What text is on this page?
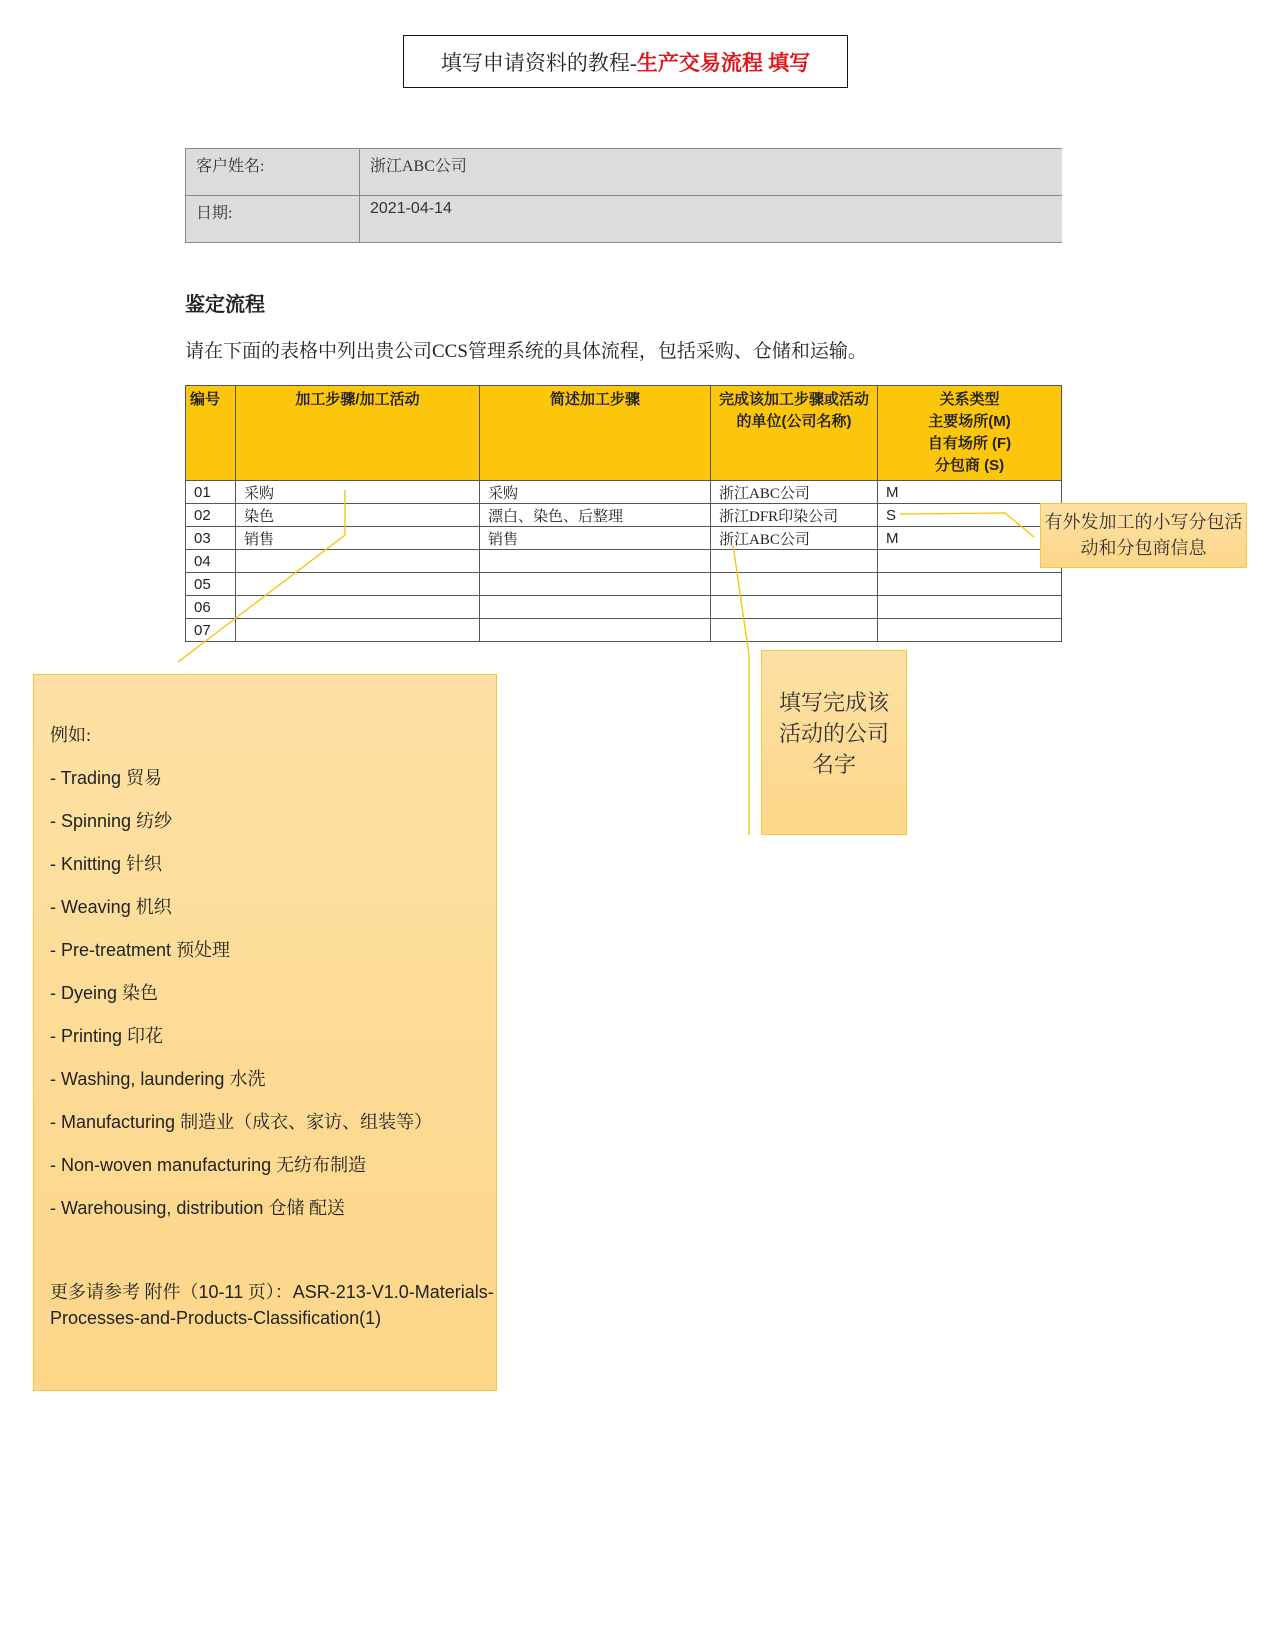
填写申请资料的教程- 生产交易流程 填写
客户姓名:	浙江ABC公司
日期:	2021-04-14
鉴定流程
请在下面的表格中列出贵公司CCS管理系统的具体流程，包括采购、仓储和运输。
编号	加工步骤/加工活动	简述加工步骤	完成该加工步骤或活动的单位(公司名称)	关系类型
主要场所(M)
自有场所 (F)
分包商 (S)
01	采购	采购	浙江ABC公司	M
02	染色	漂白、染色、后整理	浙江DFR印染公司	S
03	销售	销售	浙江ABC公司	M
04				
05				
06				
07				
有外发加工的小写分包活动和分包商信息
填写完成该活动的公司名字
例如:
- Trading 贸易
- Spinning 纺纱
- Knitting 针织
- Weaving 机织
- Pre-treatment 预处理
- Dyeing 染色
- Printing 印花
- Washing, laundering 水洗
- Manufacturing 制造业（成衣、家访、组装等）
- Non-woven manufacturing 无纺布制造
- Warehousing, distribution 仓储 配送
更多请参考 附件（10-11 页）：ASR-213-V1.0-Materials-Processes-and-Products-Classification(1)
